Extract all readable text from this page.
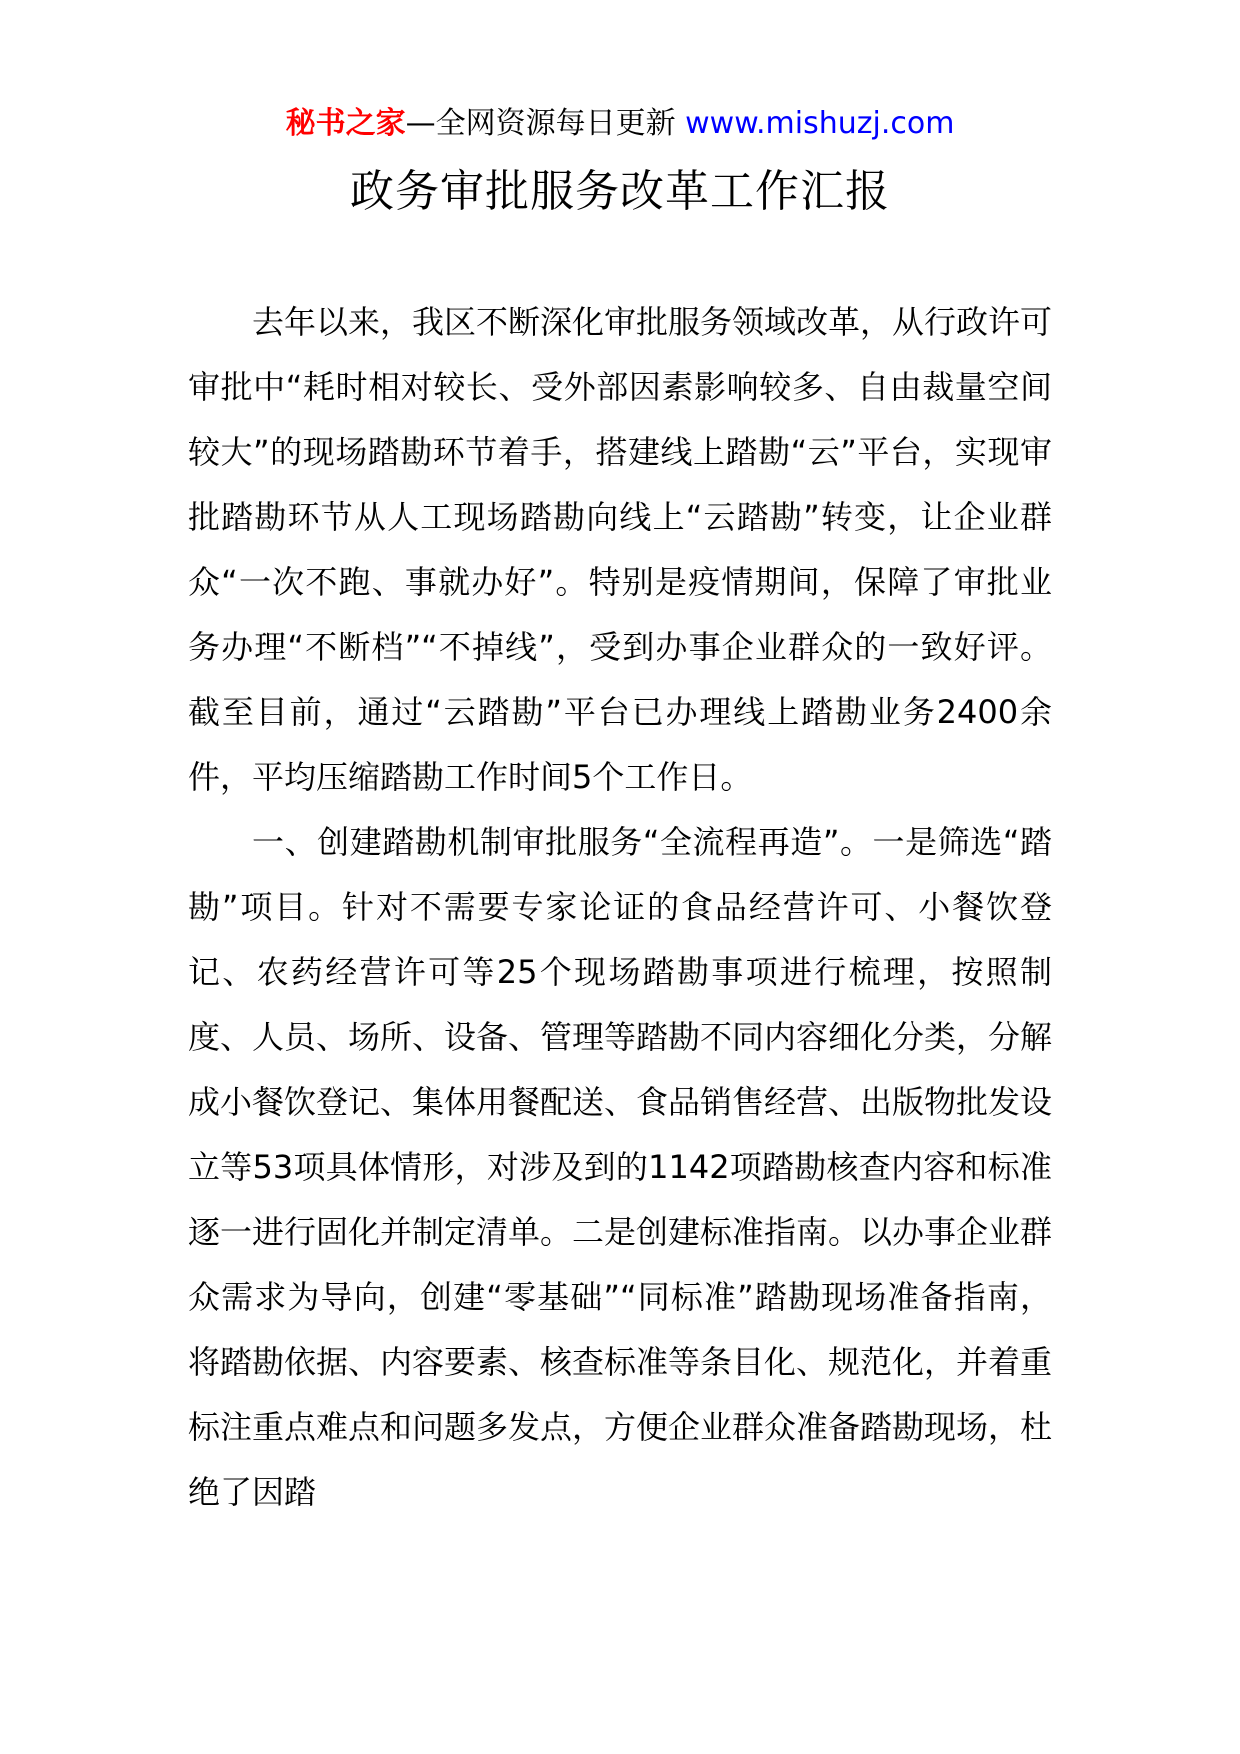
秘书之家—全网资源每日更新 www.mishuzj.com
政务审批服务改革工作汇报

去年以来，我区不断深化审批服务领域改革，从行政许可审批中“耗时相对较长、受外部因素影响较多、自由裁量空间较大”的现场踏勘环节着手，搭建线上踏勘“云”平台，实现审批踏勘环节从人工现场踏勘向线上“云踏勘”转变，让企业群众“一次不跑、事就办好”。特别是疫情期间，保障了审批业务办理“不断档”“不掉线”，受到办事企业群众的一致好评。截至目前，通过“云踏勘”平台已办理线上踏勘业务2400余件，平均压缩踏勘工作时间5个工作日。

一、创建踏勘机制审批服务“全流程再造”。一是筛选“踏勘”项目。针对不需要专家论证的食品经营许可、小餐饮登记、农药经营许可等25个现场踏勘事项进行梳理，按照制度、人员、场所、设备、管理等踏勘不同内容细化分类，分解成小餐饮登记、集体用餐配送、食品销售经营、出版物批发设立等53项具体情形，对涉及到的1142项踏勘核查内容和标准逐一进行固化并制定清单。二是创建标准指南。以办事企业群众需求为导向，创建“零基础”“同标准”踏勘现场准备指南，将踏勘依据、内容要素、核查标准等条目化、规范化，并着重标注重点难点和问题多发点，方便企业群众准备踏勘现场，杜绝了因踏
